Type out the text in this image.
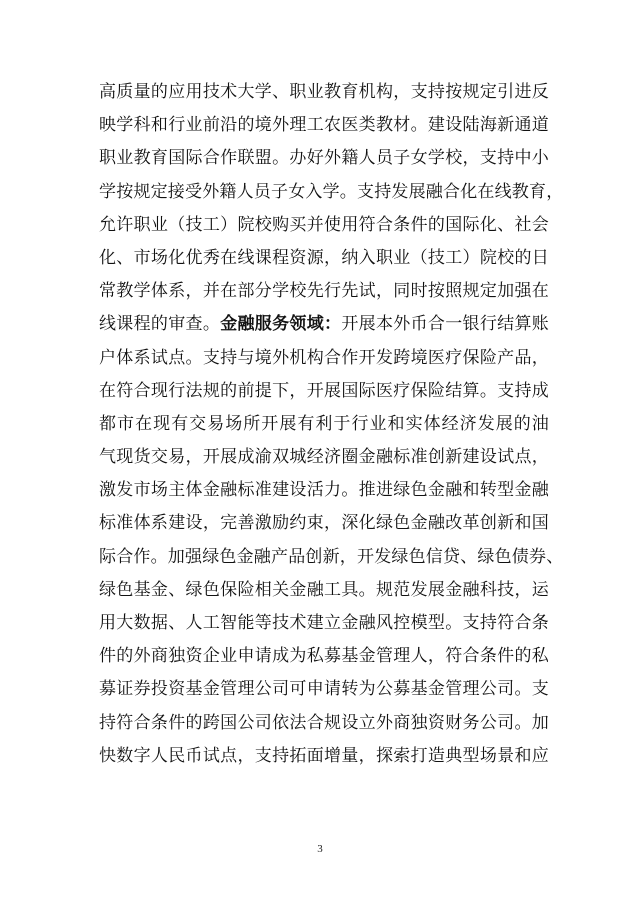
高质量的应用技术大学、职业教育机构，支持按规定引进反
映学科和行业前沿的境外理工农医类教材。建设陆海新通道
职业教育国际合作联盟。办好外籍人员子女学校，支持中小
学按规定接受外籍人员子女入学。支持发展融合化在线教育，
允许职业（技工）院校购买并使用符合条件的国际化、社会
化、市场化优秀在线课程资源，纳入职业（技工）院校的日
常教学体系，并在部分学校先行先试，同时按照规定加强在
线课程的审查。金融服务领域：开展本外币合一银行结算账
户体系试点。支持与境外机构合作开发跨境医疗保险产品，
在符合现行法规的前提下，开展国际医疗保险结算。支持成
都市在现有交易场所开展有利于行业和实体经济发展的油
气现货交易，开展成渝双城经济圈金融标准创新建设试点，
激发市场主体金融标准建设活力。推进绿色金融和转型金融
标准体系建设，完善激励约束，深化绿色金融改革创新和国
际合作。加强绿色金融产品创新，开发绿色信贷、绿色债券、
绿色基金、绿色保险相关金融工具。规范发展金融科技，运
用大数据、人工智能等技术建立金融风控模型。支持符合条
件的外商独资企业申请成为私募基金管理人，符合条件的私
募证券投资基金管理公司可申请转为公募基金管理公司。支
持符合条件的跨国公司依法合规设立外商独资财务公司。加
快数字人民币试点，支持拓面增量，探索打造典型场景和应
3
